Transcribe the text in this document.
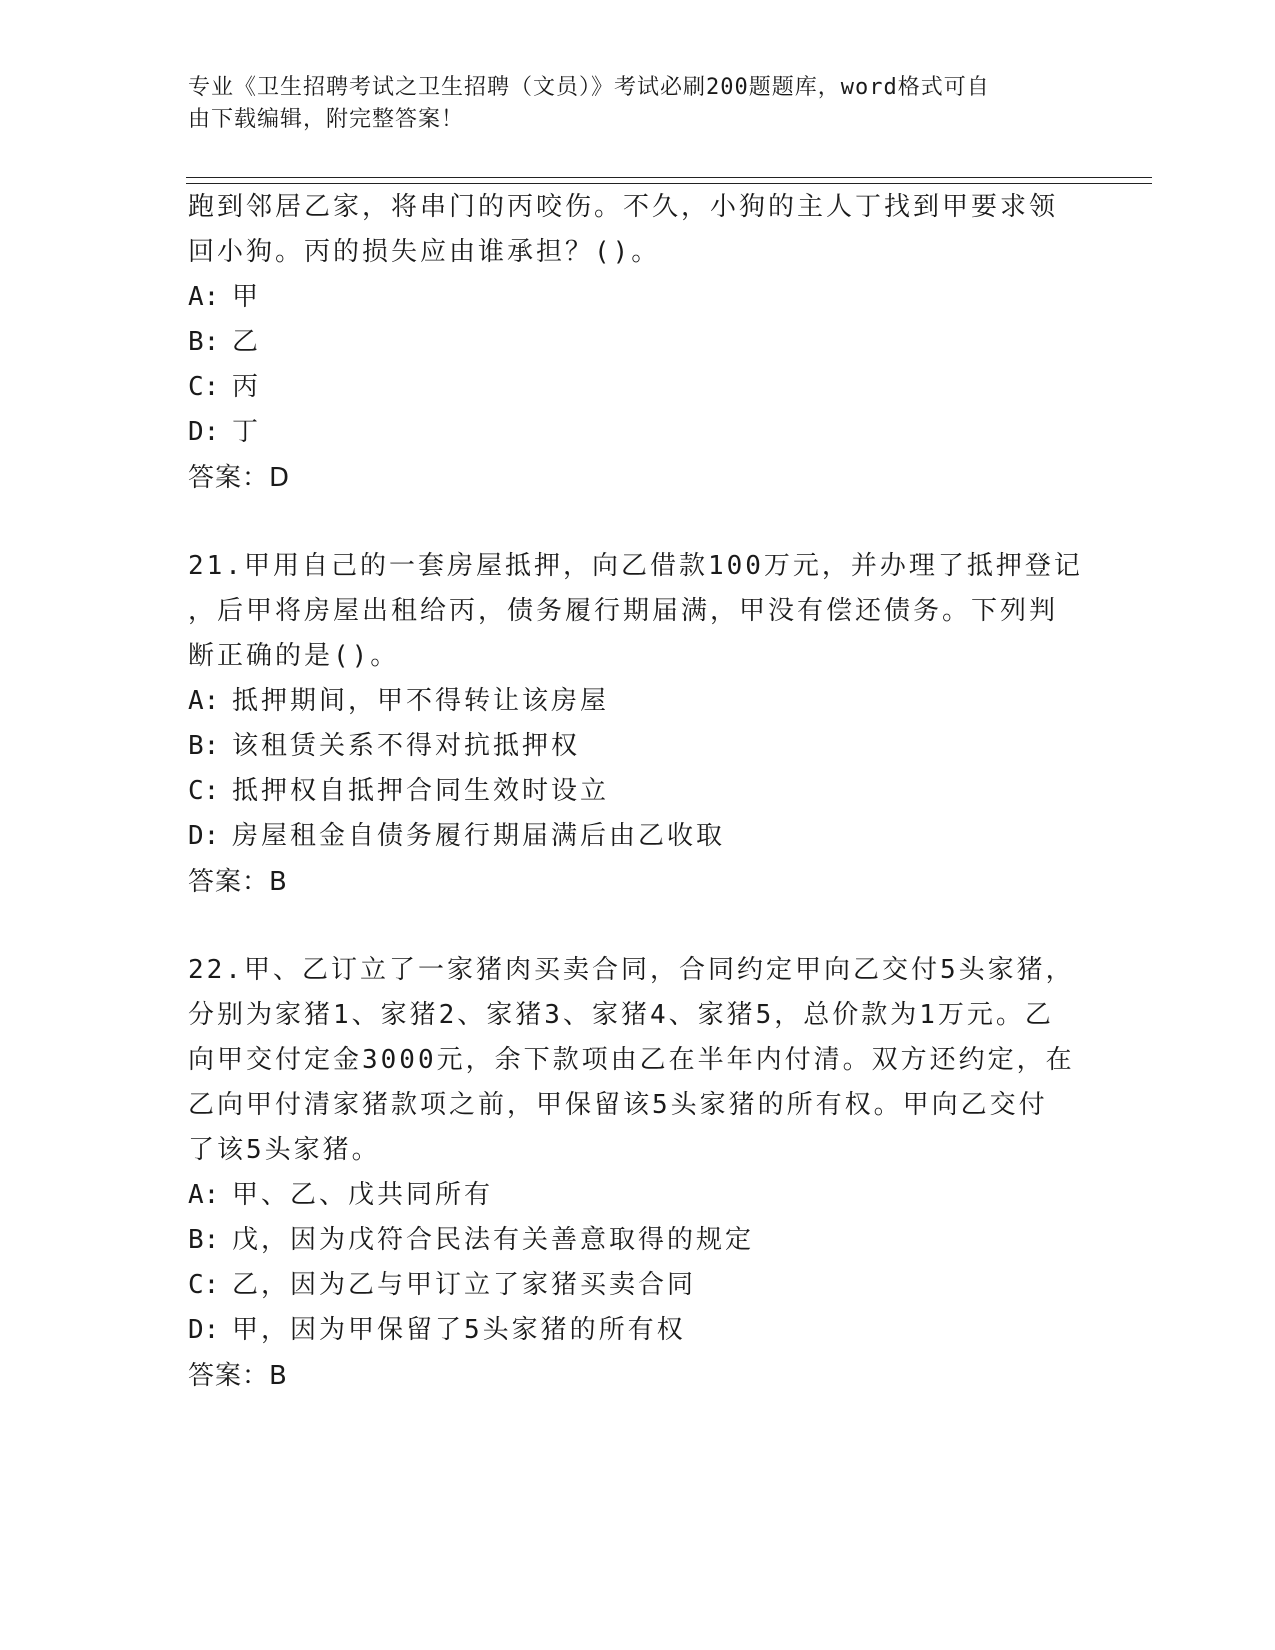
专业《卫生招聘考试之卫生招聘（文员）》考试必刷200题题库，word格式可自
由下载编辑，附完整答案！
跑到邻居乙家，将串门的丙咬伤。不久，小狗的主人丁找到甲要求领
回小狗。丙的损失应由谁承担？()。
A: 甲
B: 乙
C: 丙
D: 丁
答案：D
21.甲用自己的一套房屋抵押，向乙借款100万元，并办理了抵押登记
，后甲将房屋出租给丙，债务履行期届满，甲没有偿还债务。下列判
断正确的是()。
A: 抵押期间，甲不得转让该房屋
B: 该租赁关系不得对抗抵押权
C: 抵押权自抵押合同生效时设立
D: 房屋租金自债务履行期届满后由乙收取
答案：B
22.甲、乙订立了一家猪肉买卖合同，合同约定甲向乙交付5头家猪，
分别为家猪1、家猪2、家猪3、家猪4、家猪5，总价款为1万元。乙
向甲交付定金3000元，余下款项由乙在半年内付清。双方还约定，在
乙向甲付清家猪款项之前，甲保留该5头家猪的所有权。甲向乙交付
了该5头家猪。
A: 甲、乙、戊共同所有
B: 戊，因为戊符合民法有关善意取得的规定
C: 乙，因为乙与甲订立了家猪买卖合同
D: 甲，因为甲保留了5头家猪的所有权
答案：B
